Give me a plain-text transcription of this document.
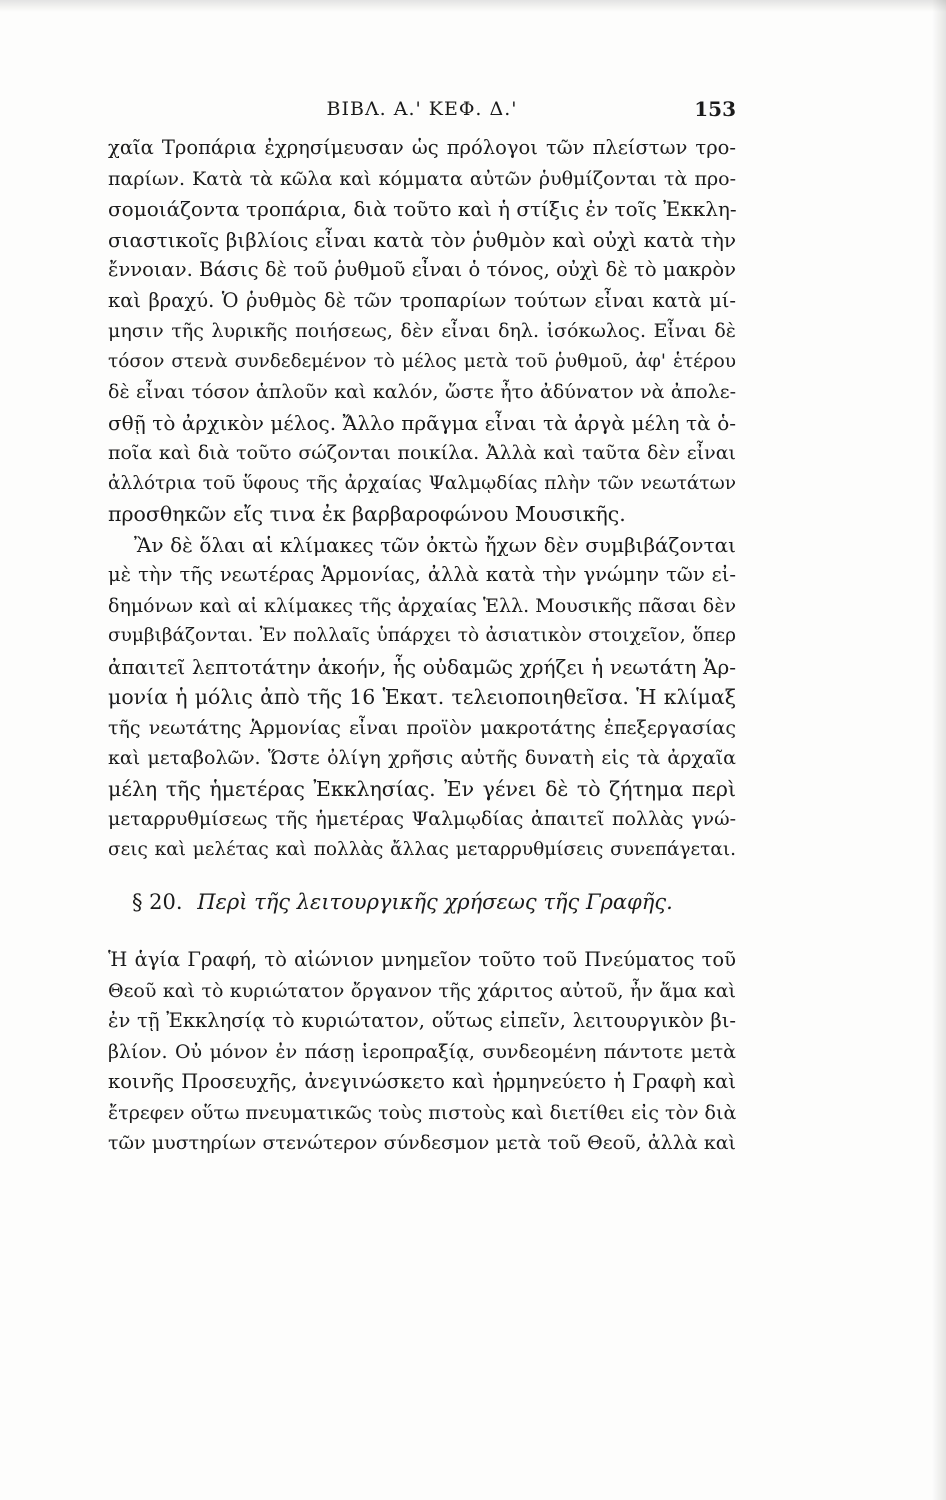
ΒΙΒΛ. Α.' ΚΕΦ. Δ.'	153
χαῖα Τροπάρια ἐχρησίμευσαν ὡς πρόλογοι τῶν πλείστων τρο-
παρίων. Κατὰ τὰ κῶλα καὶ κόμματα αὐτῶν ῥυθμίζονται τὰ προ-
σομοιάζοντα τροπάρια, διὰ τοῦτο καὶ ἡ στίξις ἐν τοῖς Ἐκκλη-
σιαστικοῖς βιβλίοις εἶναι κατὰ τὸν ῥυθμὸν καὶ οὐχὶ κατὰ τὴν
ἔννοιαν. Βάσις δὲ τοῦ ῥυθμοῦ εἶναι ὁ τόνος, οὐχὶ δὲ τὸ μακρὸν
καὶ βραχύ. Ὁ ῥυθμὸς δὲ τῶν τροπαρίων τούτων εἶναι κατὰ μί-
μησιν τῆς λυρικῆς ποιήσεως, δὲν εἶναι δηλ. ἰσόκωλος. Εἶναι δὲ
τόσον στενὰ συνδεδεμένον τὸ μέλος μετὰ τοῦ ῥυθμοῦ, ἀφ' ἑτέρου
δὲ εἶναι τόσον ἁπλοῦν καὶ καλόν, ὥστε ἦτο ἀδύνατον νὰ ἀπολε-
σθῇ τὸ ἀρχικὸν μέλος. Ἄλλο πρᾶγμα εἶναι τὰ ἀργὰ μέλη τὰ ὁ-
ποῖα καὶ διὰ τοῦτο σώζονται ποικίλα. Ἀλλὰ καὶ ταῦτα δὲν εἶναι
ἀλλότρια τοῦ ὕφους τῆς ἀρχαίας Ψαλμῳδίας πλὴν τῶν νεωτάτων
προσθηκῶν εἴς τινα ἐκ βαρβαροφώνου Μουσικῆς.
Ἂν δὲ ὅλαι αἱ κλίμακες τῶν ὀκτὼ ἤχων δὲν συμβιβάζονται
μὲ τὴν τῆς νεωτέρας Ἁρμονίας, ἀλλὰ κατὰ τὴν γνώμην τῶν εἰ-
δημόνων καὶ αἱ κλίμακες τῆς ἀρχαίας Ἑλλ. Μουσικῆς πᾶσαι δὲν
συμβιβάζονται. Ἐν πολλαῖς ὑπάρχει τὸ ἀσιατικὸν στοιχεῖον, ὅπερ
ἀπαιτεῖ λεπτοτάτην ἀκοήν, ἧς οὐδαμῶς χρήζει ἡ νεωτάτη Ἁρ-
μονία ἡ μόλις ἀπὸ τῆς 16 Ἑκατ. τελειοποιηθεῖσα. Ἡ κλίμαξ
τῆς νεωτάτης Ἁρμονίας εἶναι προϊὸν μακροτάτης ἐπεξεργασίας
καὶ μεταβολῶν. Ὥστε ὀλίγη χρῆσις αὐτῆς δυνατὴ εἰς τὰ ἀρχαῖα
μέλη τῆς ἡμετέρας Ἐκκλησίας. Ἐν γένει δὲ τὸ ζήτημα περὶ
μεταρρυθμίσεως τῆς ἡμετέρας Ψαλμῳδίας ἀπαιτεῖ πολλὰς γνώ-
σεις καὶ μελέτας καὶ πολλὰς ἄλλας μεταρρυθμίσεις συνεπάγεται.
§ 20. Περὶ τῆς λειτουργικῆς χρήσεως τῆς Γραφῆς.
Ἡ ἁγία Γραφή, τὸ αἰώνιον μνημεῖον τοῦτο τοῦ Πνεύματος τοῦ
Θεοῦ καὶ τὸ κυριώτατον ὄργανον τῆς χάριτος αὐτοῦ, ἦν ἅμα καὶ
ἐν τῇ Ἐκκλησίᾳ τὸ κυριώτατον, οὕτως εἰπεῖν, λειτουργικὸν βι-
βλίον. Οὐ μόνον ἐν πάσῃ ἱεροπραξίᾳ, συνδεομένη πάντοτε μετὰ
κοινῆς Προσευχῆς, ἀνεγινώσκετο καὶ ἡρμηνεύετο ἡ Γραφὴ καὶ
ἔτρεφεν οὕτω πνευματικῶς τοὺς πιστοὺς καὶ διετίθει εἰς τὸν διὰ
τῶν μυστηρίων στενώτερον σύνδεσμον μετὰ τοῦ Θεοῦ, ἀλλὰ καὶ
